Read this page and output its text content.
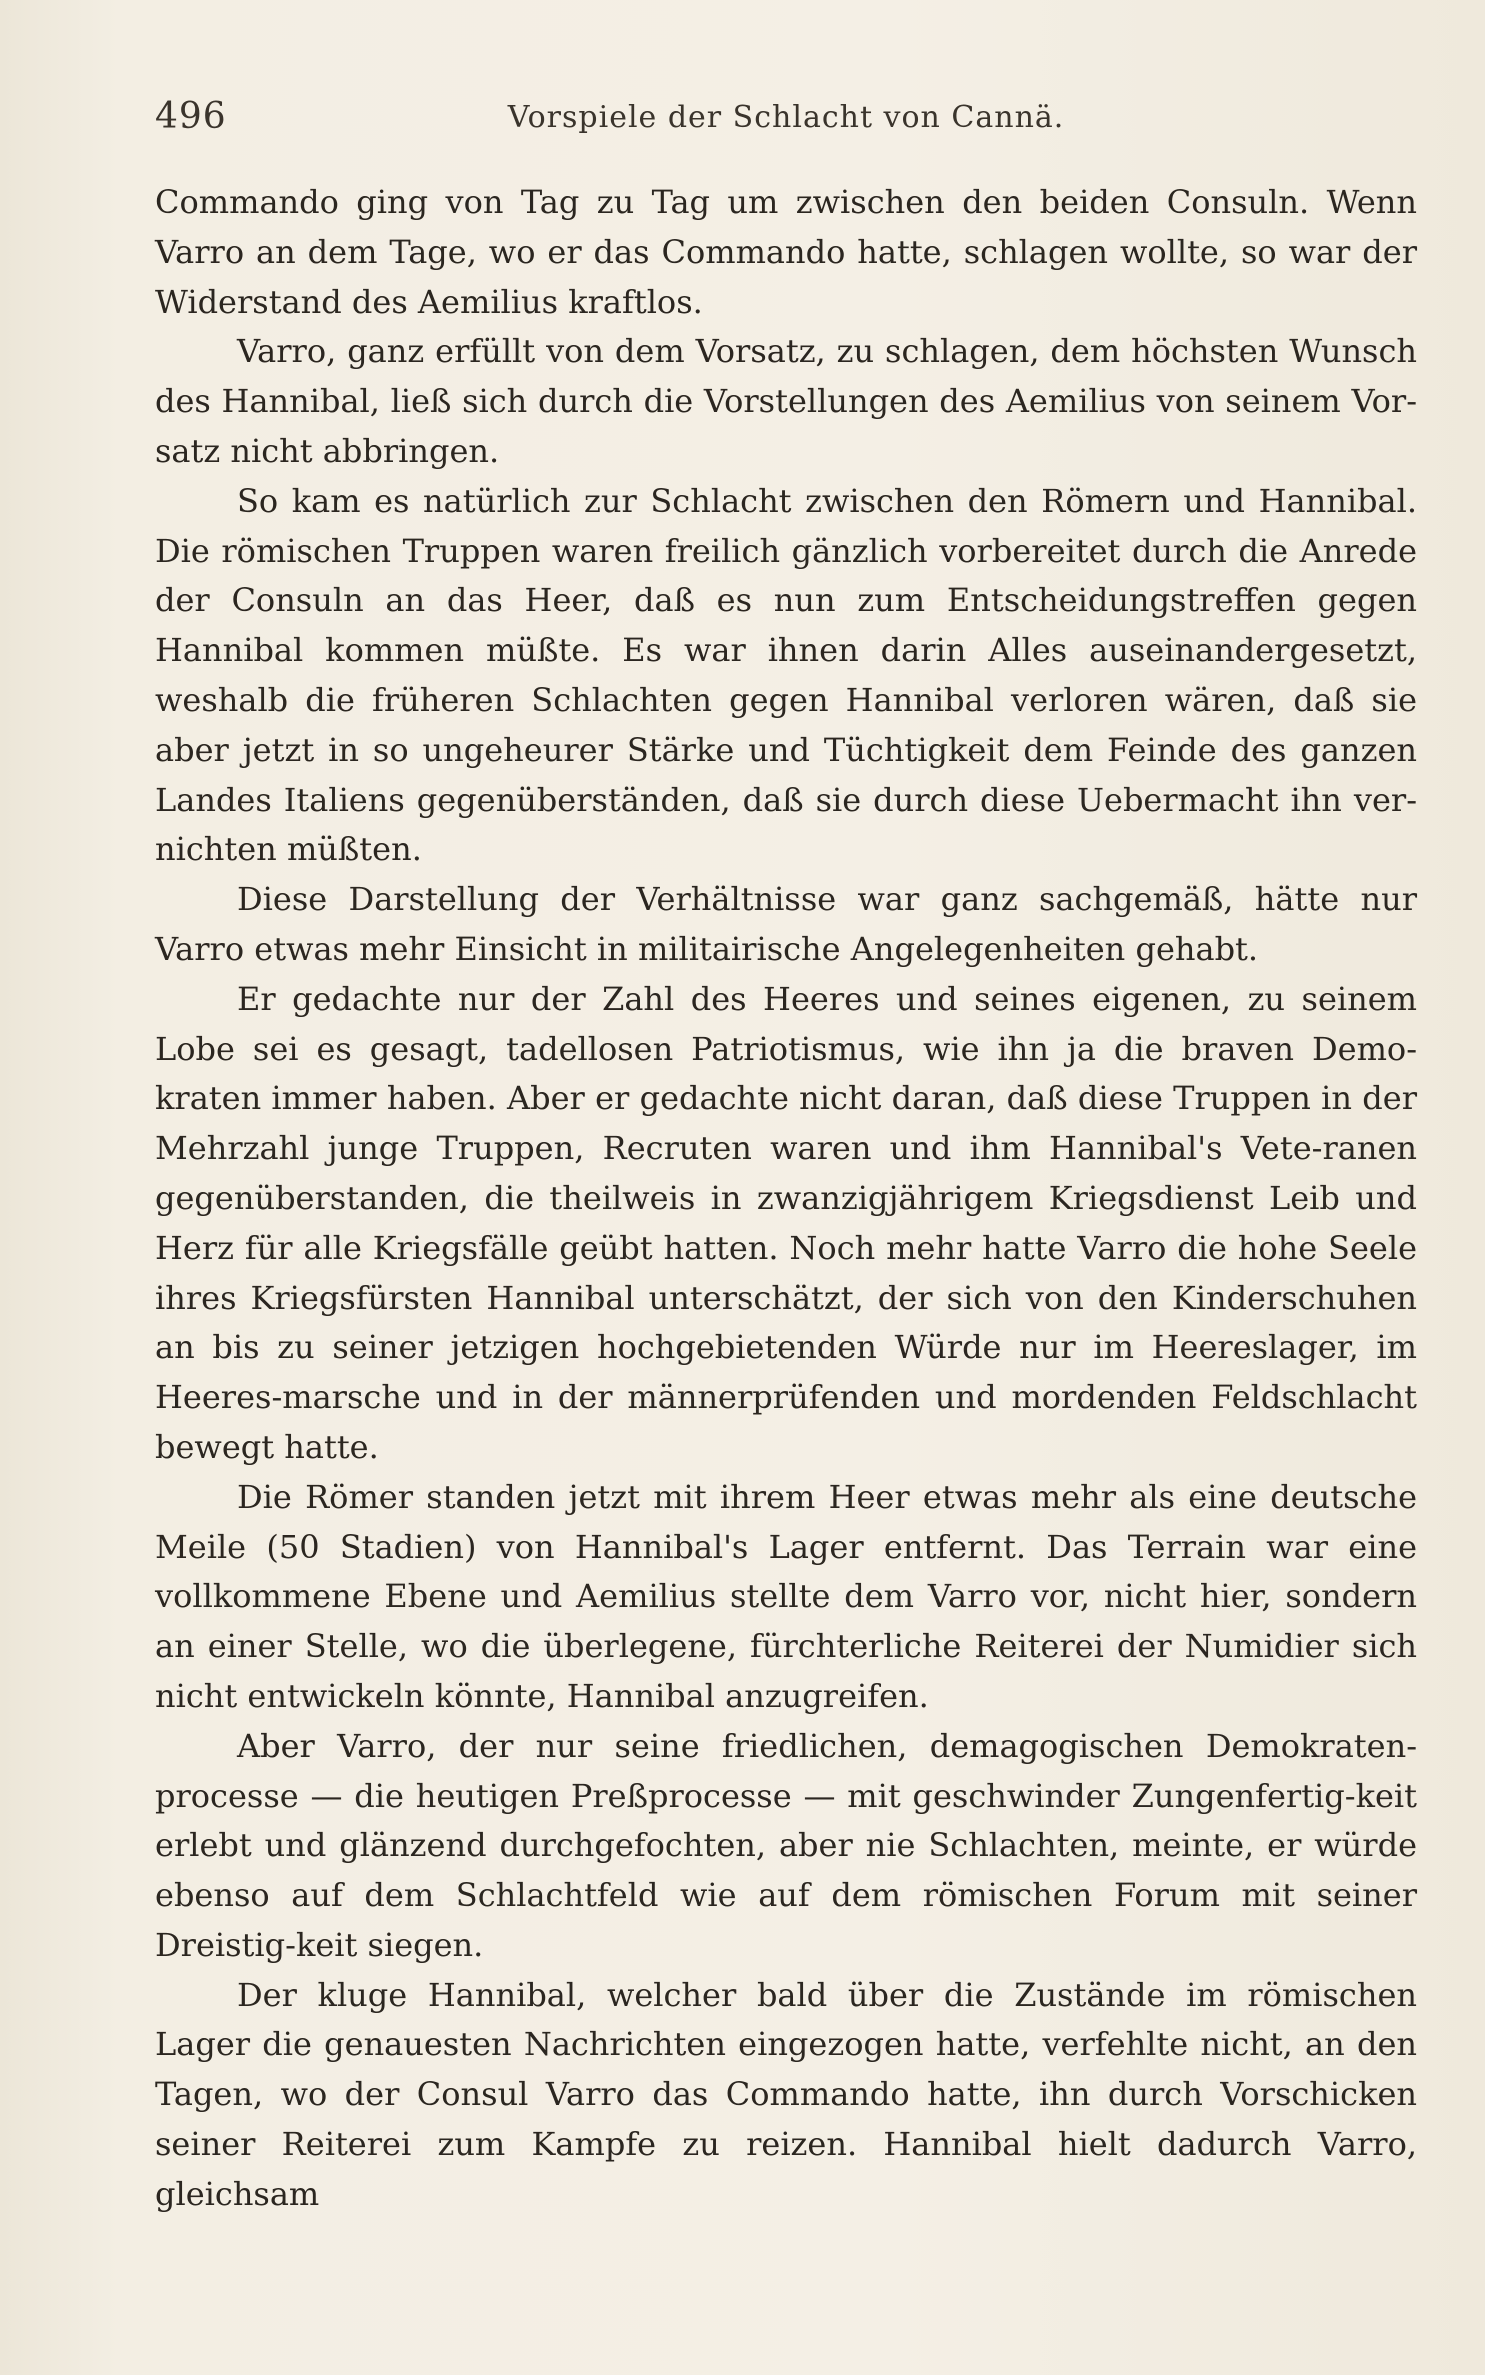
496	Vorspiele der Schlacht von Cannä.

Commando ging von Tag zu Tag um zwischen den beiden Consuln. Wenn Varro an dem Tage, wo er das Commando hatte, schlagen wollte, so war der Widerstand des Aemilius kraftlos.

Varro, ganz erfüllt von dem Vorsatz, zu schlagen, dem höchsten Wunsch des Hannibal, ließ sich durch die Vorstellungen des Aemilius von seinem Vor-satz nicht abbringen.

So kam es natürlich zur Schlacht zwischen den Römern und Hannibal. Die römischen Truppen waren freilich gänzlich vorbereitet durch die Anrede der Consuln an das Heer, daß es nun zum Entscheidungstreffen gegen Hannibal kommen müßte. Es war ihnen darin Alles auseinandergesetzt, weshalb die früheren Schlachten gegen Hannibal verloren wären, daß sie aber jetzt in so ungeheurer Stärke und Tüchtigkeit dem Feinde des ganzen Landes Italiens gegenüberständen, daß sie durch diese Uebermacht ihn ver-nichten müßten.

Diese Darstellung der Verhältnisse war ganz sachgemäß, hätte nur Varro etwas mehr Einsicht in militairische Angelegenheiten gehabt.

Er gedachte nur der Zahl des Heeres und seines eigenen, zu seinem Lobe sei es gesagt, tadellosen Patriotismus, wie ihn ja die braven Demo-kraten immer haben. Aber er gedachte nicht daran, daß diese Truppen in der Mehrzahl junge Truppen, Recruten waren und ihm Hannibal's Vete-ranen gegenüberstanden, die theilweis in zwanzigjährigem Kriegsdienst Leib und Herz für alle Kriegsfälle geübt hatten. Noch mehr hatte Varro die hohe Seele ihres Kriegsfürsten Hannibal unterschätzt, der sich von den Kinderschuhen an bis zu seiner jetzigen hochgebietenden Würde nur im Heereslager, im Heeres-marsche und in der männerprüfenden und mordenden Feldschlacht bewegt hatte.

Die Römer standen jetzt mit ihrem Heer etwas mehr als eine deutsche Meile (50 Stadien) von Hannibal's Lager entfernt. Das Terrain war eine vollkommene Ebene und Aemilius stellte dem Varro vor, nicht hier, sondern an einer Stelle, wo die überlegene, fürchterliche Reiterei der Numidier sich nicht entwickeln könnte, Hannibal anzugreifen.

Aber Varro, der nur seine friedlichen, demagogischen Demokraten-processe — die heutigen Preßprocesse — mit geschwinder Zungenfertig-keit erlebt und glänzend durchgefochten, aber nie Schlachten, meinte, er würde ebenso auf dem Schlachtfeld wie auf dem römischen Forum mit seiner Dreistig-keit siegen.

Der kluge Hannibal, welcher bald über die Zustände im römischen Lager die genauesten Nachrichten eingezogen hatte, verfehlte nicht, an den Tagen, wo der Consul Varro das Commando hatte, ihn durch Vorschicken seiner Reiterei zum Kampfe zu reizen. Hannibal hielt dadurch Varro, gleichsam
